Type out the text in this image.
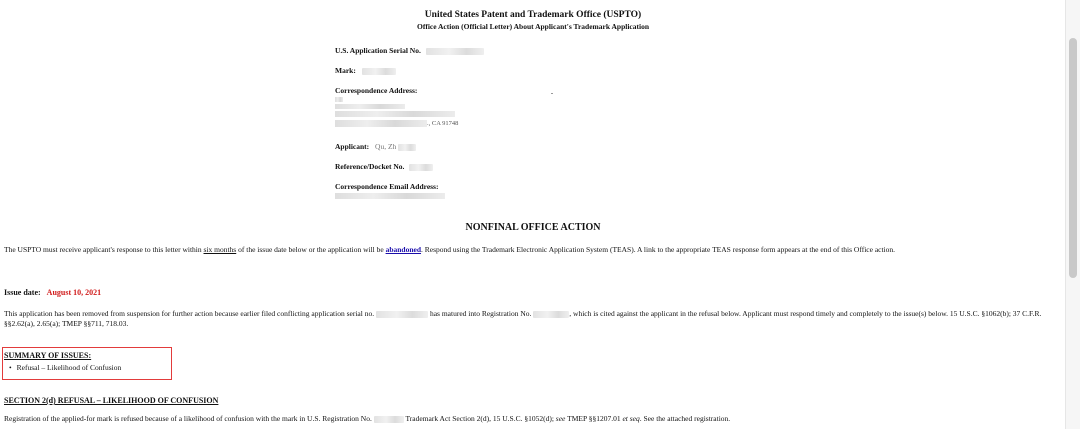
United States Patent and Trademark Office (USPTO)
Office Action (Official Letter) About Applicant's Trademark Application
U.S. Application Serial No.
Mark:
Correspondence Address:
., CA 91748
Applicant: Qu, Zh
Reference/Docket No.
Correspondence Email Address:
NONFINAL OFFICE ACTION
The USPTO must receive applicant's response to this letter within six months of the issue date below or the application will be abandoned. Respond using the Trademark Electronic Application System (TEAS). A link to the appropriate TEAS response form appears at the end of this Office action.
Issue date: August 10, 2021
This application has been removed from suspension for further action because earlier filed conflicting application serial no.	has matured into Registration No.	, which is cited against the applicant in the refusal below. Applicant must respond timely and completely to the issue(s) below. 15 U.S.C. §1062(b); 37 C.F.R. §§2.62(a), 2.65(a); TMEP §§711, 718.03.
SUMMARY OF ISSUES:
• Refusal – Likelihood of Confusion
SECTION 2(d) REFUSAL – LIKELIHOOD OF CONFUSION
Registration of the applied-for mark is refused because of a likelihood of confusion with the mark in U.S. Registration No.	Trademark Act Section 2(d), 15 U.S.C. §1052(d); see TMEP §§1207.01 et seq. See the attached registration.
